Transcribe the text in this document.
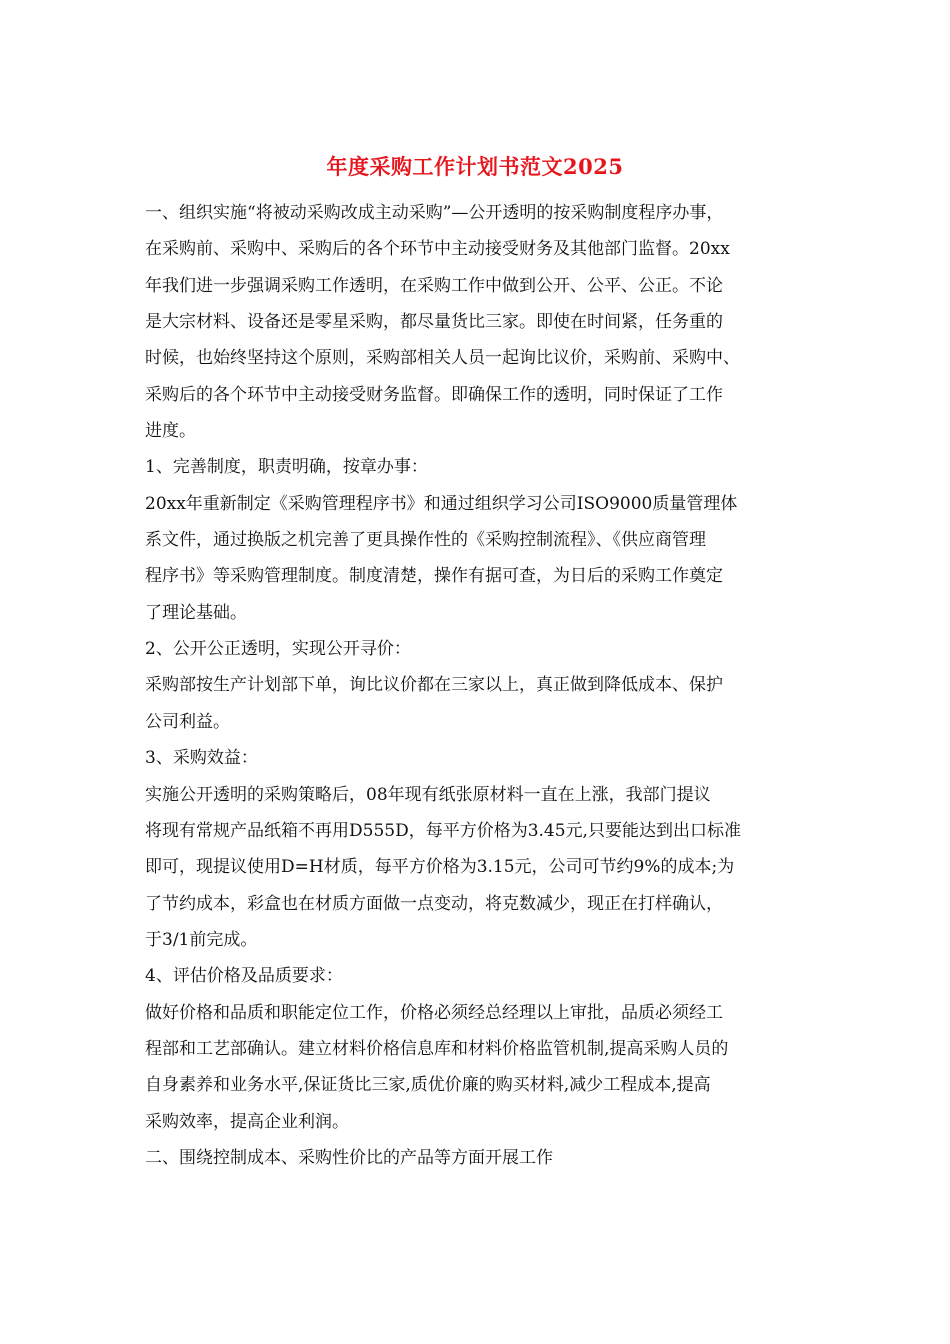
年度采购工作计划书范文2025
一、组织实施“将被动采购改成主动采购”—公开透明的按采购制度程序办事，
在采购前、采购中、采购后的各个环节中主动接受财务及其他部门监督。20xx
年我们进一步强调采购工作透明，在采购工作中做到公开、公平、公正。不论
是大宗材料、设备还是零星采购，都尽量货比三家。即使在时间紧，任务重的
时候，也始终坚持这个原则，采购部相关人员一起询比议价，采购前、采购中、
采购后的各个环节中主动接受财务监督。即确保工作的透明，同时保证了工作
进度。
1、完善制度，职责明确，按章办事：
20xx年重新制定《采购管理程序书》和通过组织学习公司ISO9000质量管理体
系文件，通过换版之机完善了更具操作性的《采购控制流程》、《供应商管理
程序书》等采购管理制度。制度清楚，操作有据可查，为日后的采购工作奠定
了理论基础。
2、公开公正透明，实现公开寻价：
采购部按生产计划部下单，询比议价都在三家以上，真正做到降低成本、保护
公司利益。
3、采购效益：
实施公开透明的采购策略后，08年现有纸张原材料一直在上涨，我部门提议
将现有常规产品纸箱不再用D555D，每平方价格为3.45元,只要能达到出口标准
即可，现提议使用D=H材质，每平方价格为3.15元，公司可节约9%的成本;为
了节约成本，彩盒也在材质方面做一点变动，将克数减少，现正在打样确认，
于3/1前完成。
4、评估价格及品质要求：
做好价格和品质和职能定位工作，价格必须经总经理以上审批，品质必须经工
程部和工艺部确认。建立材料价格信息库和材料价格监管机制,提高采购人员的
自身素养和业务水平,保证货比三家,质优价廉的购买材料,减少工程成本,提高
采购效率，提高企业利润。
二、围绕控制成本、采购性价比的产品等方面开展工作
